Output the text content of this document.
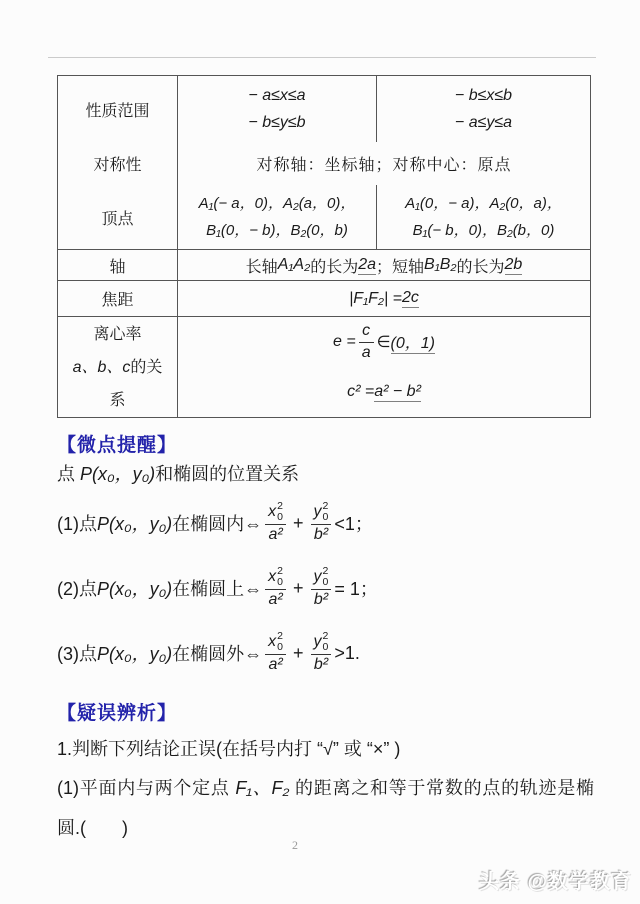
性质范围
对称性
顶点
− a≤x≤a
− b≤y≤b
− b≤x≤b
− a≤y≤a
对称轴：坐标轴；对称中心：原点
A₁(− a，0)，A₂(a，0)，
B₁(0，− b)，B₂(0，b)
A₁(0，− a)，A₂(0，a)，
B₁(− b，0)，B₂(b，0)
轴	长轴 A₁A₂ 的长为 2a ；短轴 B₁B₂ 的长为 2b
焦距	|F₁F₂| = 2c
离心率
a、b、c的关
系
$e = \frac{c}{a}$ ∈ (0，1)
c² = a² − b²
【微点提醒】
点 P(x₀，y₀)和椭圆的位置关系
(1)点 P(x₀，y₀) 在椭圆内⇔ x 2
0
a² + y 2
0
b² <1；
(2)点 P(x₀，y₀) 在椭圆上⇔ x 2
0
a² + y 2
0
b² = 1；
(3)点 P(x₀，y₀) 在椭圆外⇔ x 2
0
a² + y 2
0
b² >1.
【疑误辨析】
1.判断下列结论正误(在括号内打 “√” 或 “×” )
(1)平面内与两个定点 F₁、F₂ 的距离之和等于常数的点的轨迹是椭圆.(　　)
2
头条 @数学教育
